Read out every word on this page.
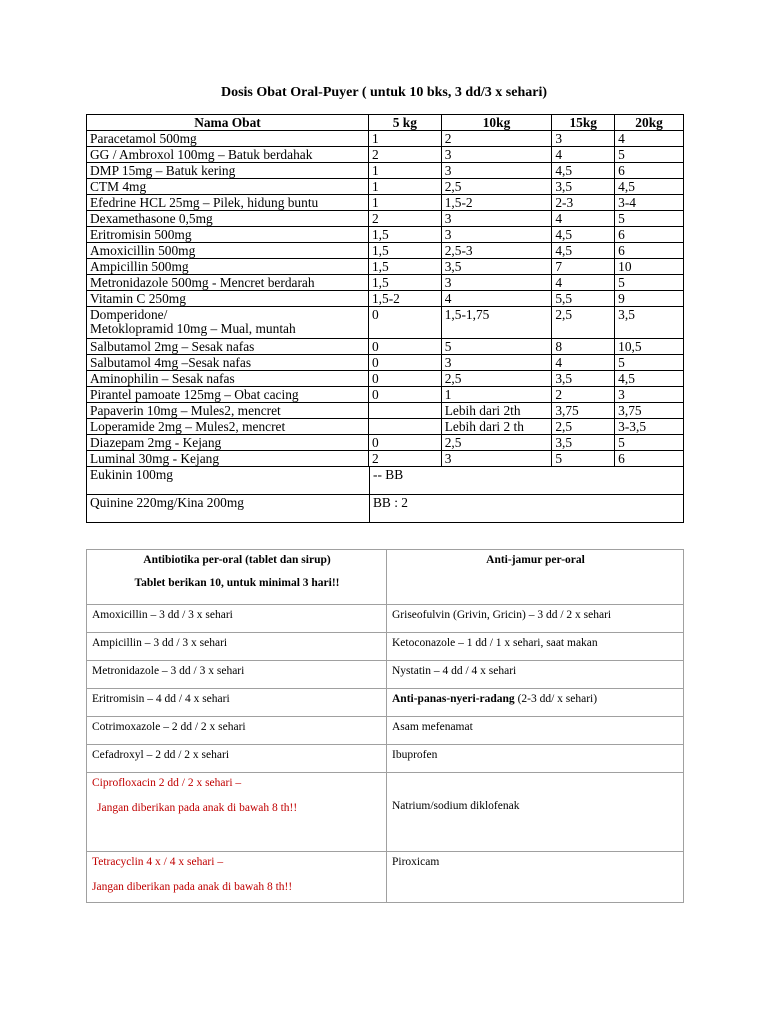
Dosis Obat Oral-Puyer ( untuk 10 bks, 3 dd/3 x sehari)
Nama Obat	5 kg	10kg	15kg	20kg
Paracetamol 500mg	1	2	3	4
GG / Ambroxol 100mg – Batuk berdahak	2	3	4	5
DMP 15mg – Batuk kering	1	3	4,5	6
CTM 4mg	1	2,5	3,5	4,5
Efedrine HCL 25mg – Pilek, hidung buntu	1	1,5-2	2-3	3-4
Dexamethasone 0,5mg	2	3	4	5
Eritromisin 500mg	1,5	3	4,5	6
Amoxicillin 500mg	1,5	2,5-3	4,5	6
Ampicillin 500mg	1,5	3,5	7	10
Metronidazole 500mg - Mencret berdarah	1,5	3	4	5
Vitamin C 250mg	1,5-2	4	5,5	9
Domperidone/
Metoklopramid 10mg – Mual, muntah	0	1,5-1,75	2,5	3,5
Salbutamol 2mg – Sesak nafas	0	5	8	10,5
Salbutamol 4mg –Sesak nafas	0	3	4	5
Aminophilin – Sesak nafas	0	2,5	3,5	4,5
Pirantel pamoate 125mg – Obat cacing	0	1	2	3
Papaverin 10mg – Mules2, mencret		Lebih dari 2th	3,75	3,75
Loperamide 2mg – Mules2, mencret		Lebih dari 2 th	2,5	3-3,5
Diazepam 2mg - Kejang	0	2,5	3,5	5
Luminal 30mg - Kejang	2	3	5	6
Eukinin 100mg	-- BB
Quinine 220mg/Kina 200mg	BB : 2
Antibiotika per-oral (tablet dan sirup)
Tablet berikan 10, untuk minimal 3 hari!!	Anti-jamur per-oral
Amoxicillin – 3 dd / 3 x sehari	Griseofulvin (Grivin, Gricin) – 3 dd / 2 x sehari
Ampicillin – 3 dd / 3 x sehari	Ketoconazole – 1 dd / 1 x sehari, saat makan
Metronidazole – 3 dd / 3 x sehari	Nystatin – 4 dd / 4 x sehari
Eritromisin – 4 dd / 4 x sehari	Anti-panas-nyeri-radang (2-3 dd/ x sehari)
Cotrimoxazole – 2 dd / 2 x sehari	Asam mefenamat
Cefadroxyl – 2 dd / 2 x sehari	Ibuprofen
Ciprofloxacin 2 dd / 2 x sehari –
Jangan diberikan pada anak di bawah 8 th!!	Natrium/sodium diklofenak

Tetracyclin 4 x / 4 x sehari –
Jangan diberikan pada anak di bawah 8 th!!	Piroxicam
